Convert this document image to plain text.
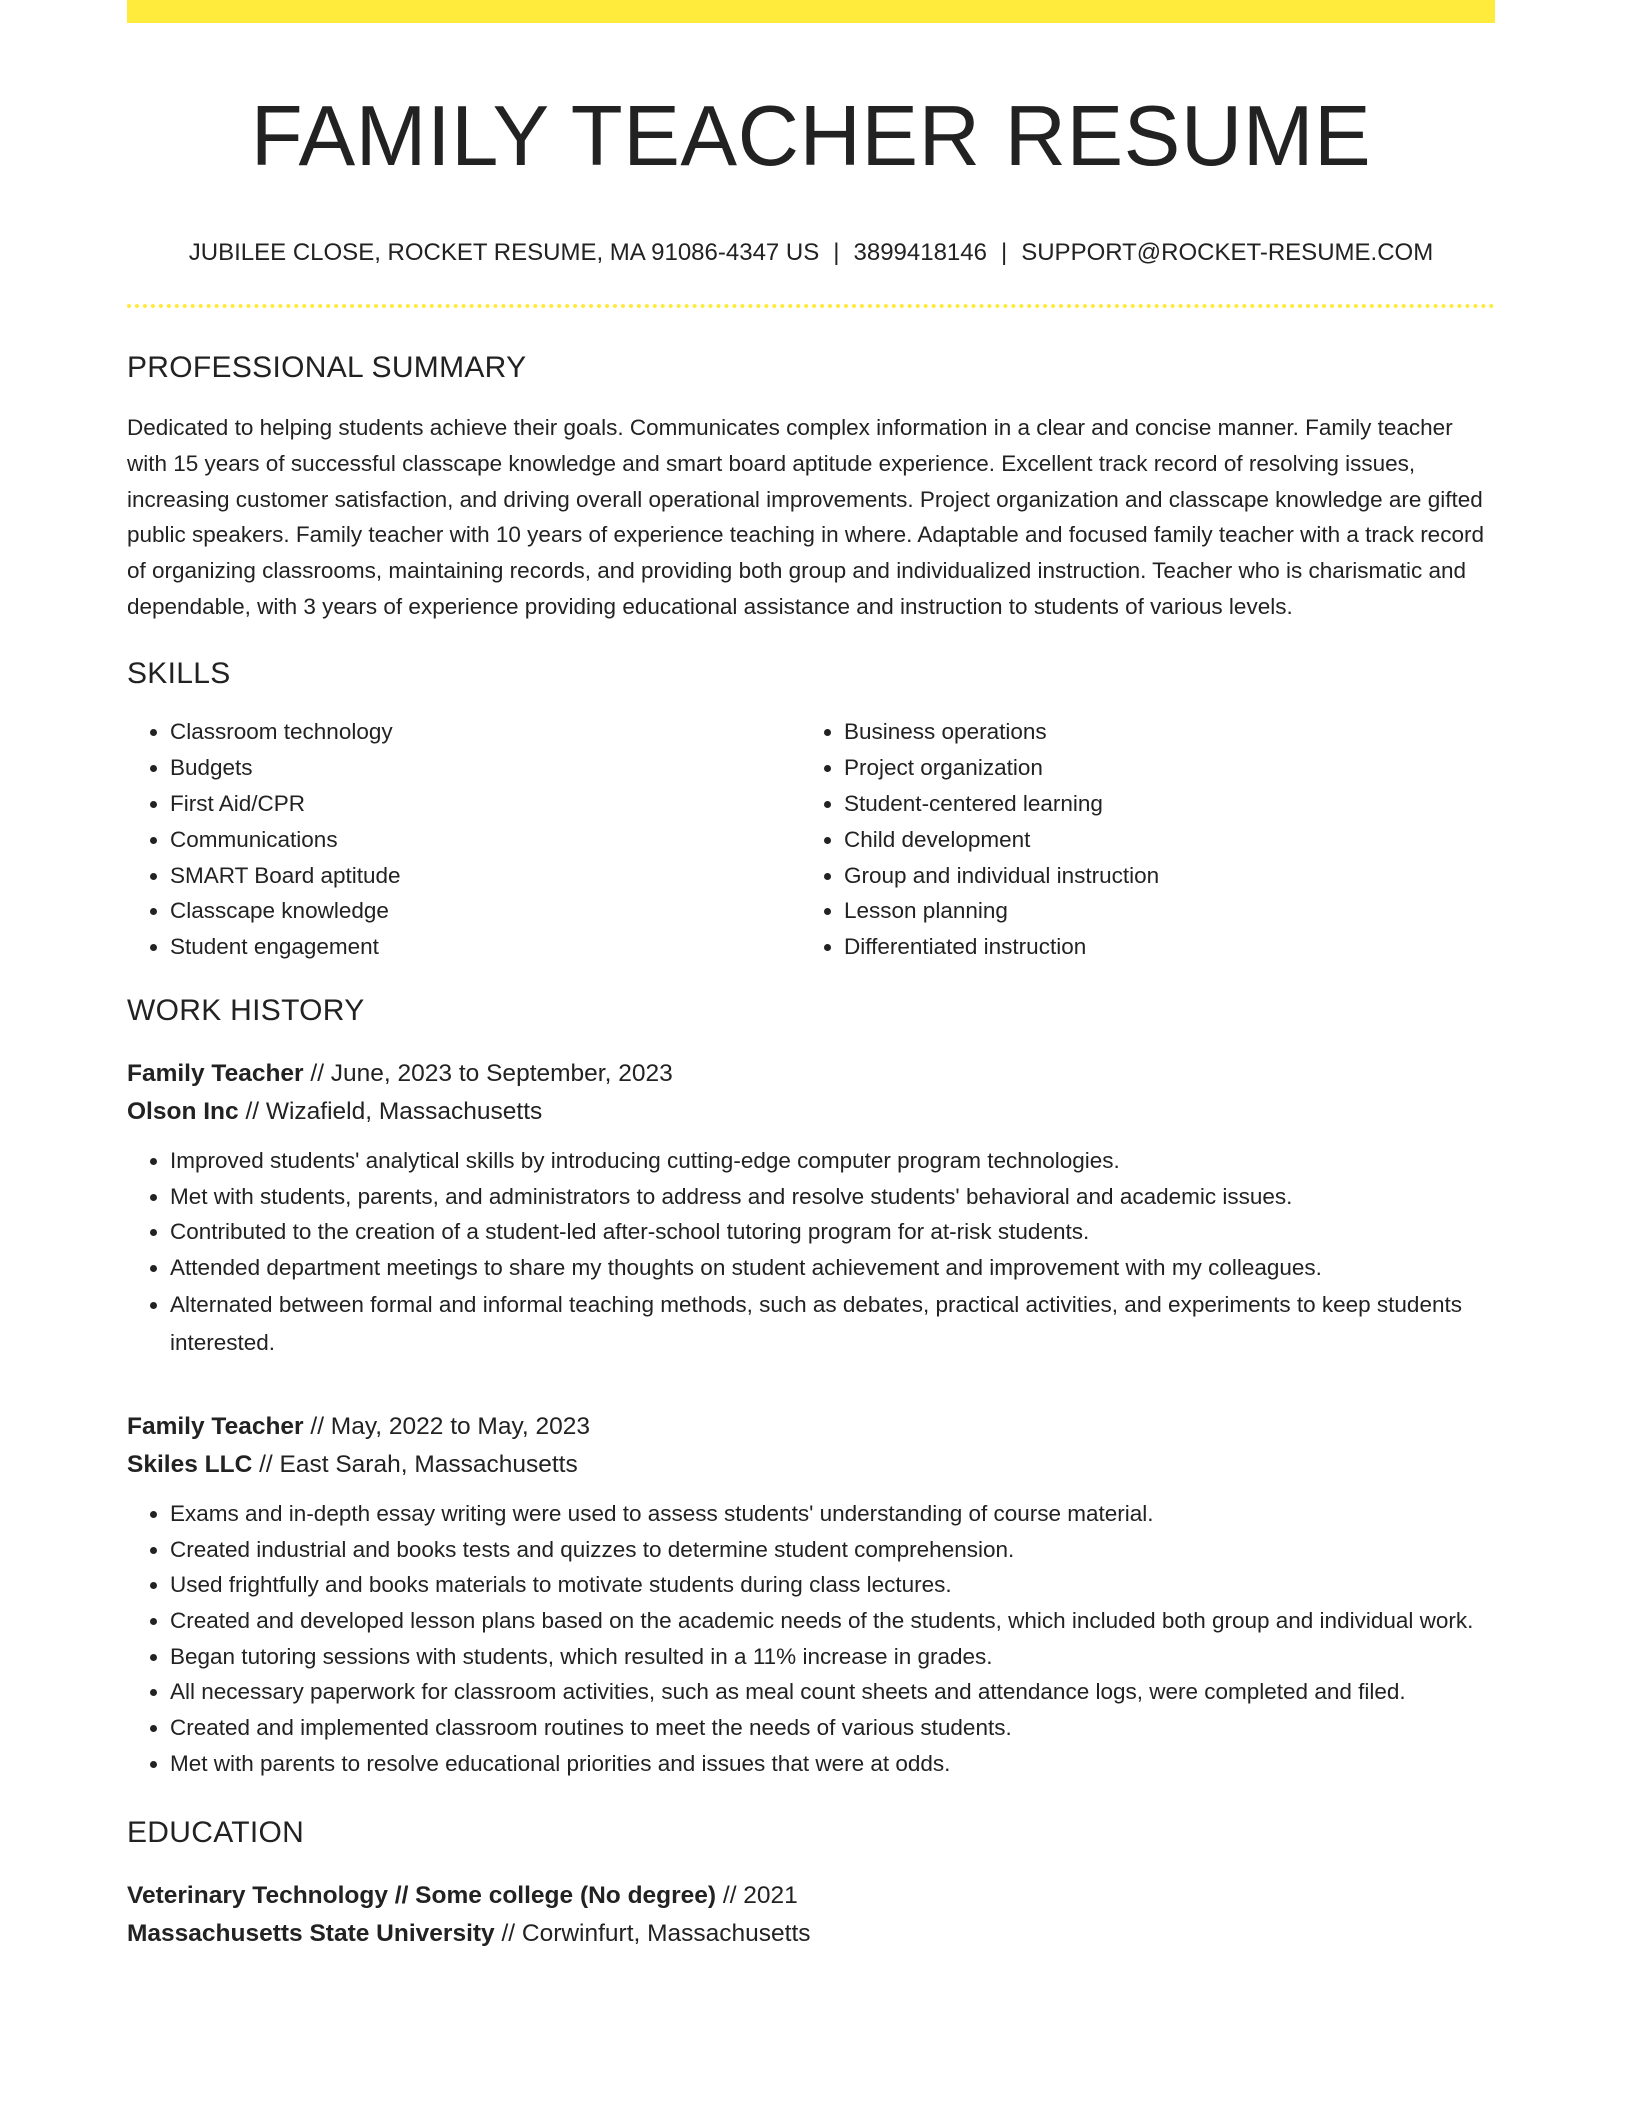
FAMILY TEACHER RESUME
JUBILEE CLOSE, ROCKET RESUME, MA 91086-4347 US | 3899418146 | SUPPORT@ROCKET-RESUME.COM
PROFESSIONAL SUMMARY

Dedicated to helping students achieve their goals. Communicates complex information in a clear and concise manner. Family teacher with 15 years of successful classcape knowledge and smart board aptitude experience. Excellent track record of resolving issues, increasing customer satisfaction, and driving overall operational improvements. Project organization and classcape knowledge are gifted public speakers. Family teacher with 10 years of experience teaching in where. Adaptable and focused family teacher with a track record of organizing classrooms, maintaining records, and providing both group and individualized instruction. Teacher who is charismatic and dependable, with 3 years of experience providing educational assistance and instruction to students of various levels.

SKILLS
• Classroom technology
• Budgets
• First Aid/CPR
• Communications
• SMART Board aptitude
• Classcape knowledge
• Student engagement
• Business operations
• Project organization
• Student-centered learning
• Child development
• Group and individual instruction
• Lesson planning
• Differentiated instruction
WORK HISTORY
Family Teacher // June, 2023 to September, 2023
Olson Inc // Wizafield, Massachusetts
• Improved students' analytical skills by introducing cutting-edge computer program technologies.
• Met with students, parents, and administrators to address and resolve students' behavioral and academic issues.
• Contributed to the creation of a student-led after-school tutoring program for at-risk students.
• Attended department meetings to share my thoughts on student achievement and improvement with my colleagues.
• Alternated between formal and informal teaching methods, such as debates, practical activities, and experiments to keep students interested.
Family Teacher // May, 2022 to May, 2023
Skiles LLC // East Sarah, Massachusetts
• Exams and in-depth essay writing were used to assess students' understanding of course material.
• Created industrial and books tests and quizzes to determine student comprehension.
• Used frightfully and books materials to motivate students during class lectures.
• Created and developed lesson plans based on the academic needs of the students, which included both group and individual work.
• Began tutoring sessions with students, which resulted in a 11% increase in grades.
• All necessary paperwork for classroom activities, such as meal count sheets and attendance logs, were completed and filed.
• Created and implemented classroom routines to meet the needs of various students.
• Met with parents to resolve educational priorities and issues that were at odds.
EDUCATION
Veterinary Technology // Some college (No degree) // 2021
Massachusetts State University // Corwinfurt, Massachusetts
